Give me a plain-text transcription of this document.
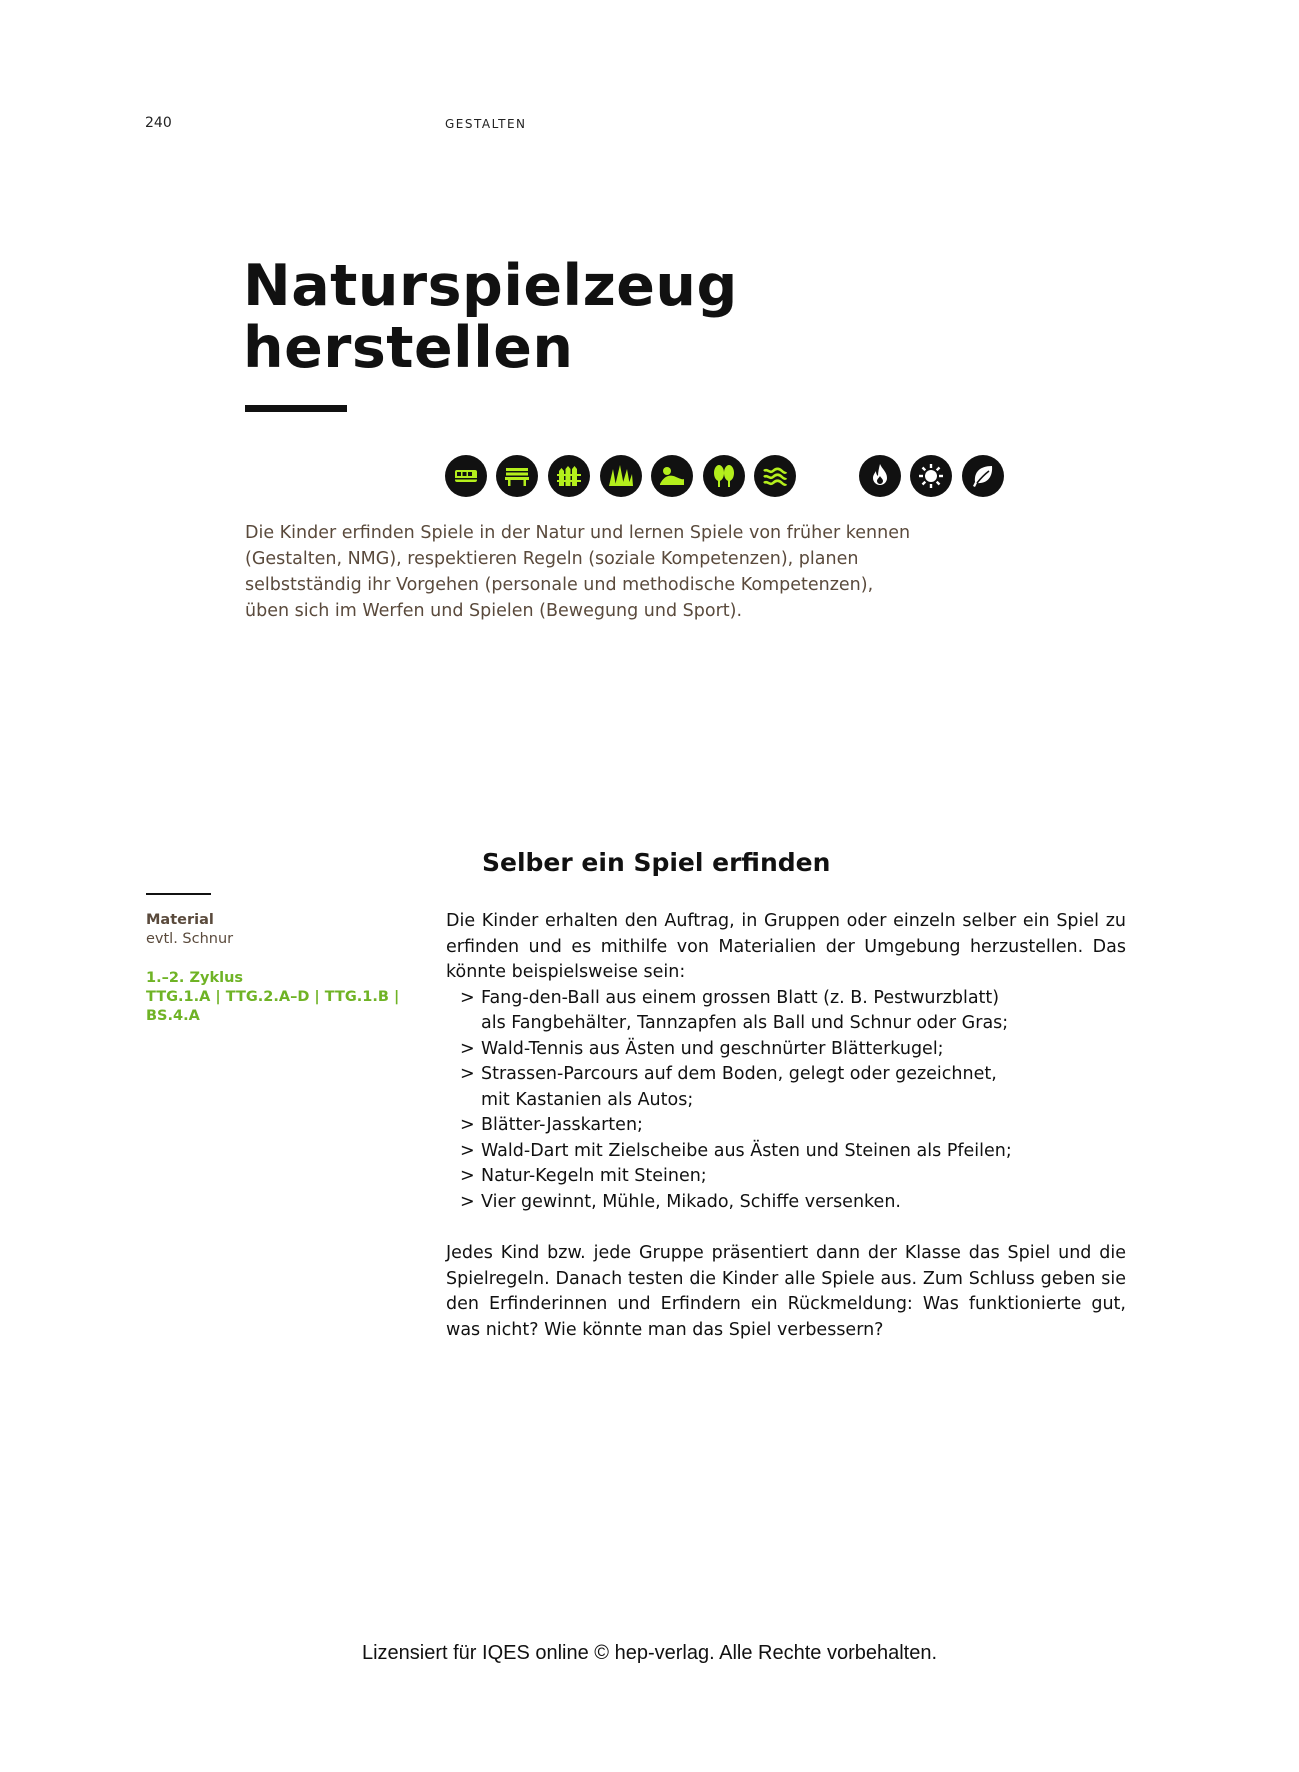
240	GESTALTEN
Naturspielzeug
herstellen

Die Kinder erfinden Spiele in der Natur und lernen Spiele von früher kennen

(Gestalten, NMG), respektieren Regeln (soziale Kompetenzen), planen

selbstständig ihr Vorgehen (personale und methodische Kompetenzen),

üben sich im Werfen und Spielen (Bewegung und Sport).

Selber ein Spiel erfinden
Material
evtl. Schnur
1.–2. Zyklus
TTG.1.A | TTG.2.A–D | TTG.1.B |
BS.4.A

Die Kinder erhalten den Auftrag, in Gruppen oder einzeln selber ein Spiel zu erfinden und es mithilfe von Materialien der Umgebung herzustellen. Das könnte beispielsweise sein:

> Fang-den-Ball aus einem grossen Blatt (z. B. Pestwurzblatt)
als Fangbehälter, Tannzapfen als Ball und Schnur oder Gras;
> Wald-Tennis aus Ästen und geschnürter Blätterkugel;
> Strassen-Parcours auf dem Boden, gelegt oder gezeichnet,
mit Kastanien als Autos;
> Blätter-Jasskarten;
> Wald-Dart mit Zielscheibe aus Ästen und Steinen als Pfeilen;
> Natur-Kegeln mit Steinen;
> Vier gewinnt, Mühle, Mikado, Schiffe versenken.

Jedes Kind bzw. jede Gruppe präsentiert dann der Klasse das Spiel und die Spielregeln. Danach testen die Kinder alle Spiele aus. Zum Schluss geben sie den Erfinderinnen und Erfindern ein Rückmeldung: Was funktionierte gut, was nicht? Wie könnte man das Spiel verbessern?

Lizensiert für IQES online © hep-verlag. Alle Rechte vorbehalten.
